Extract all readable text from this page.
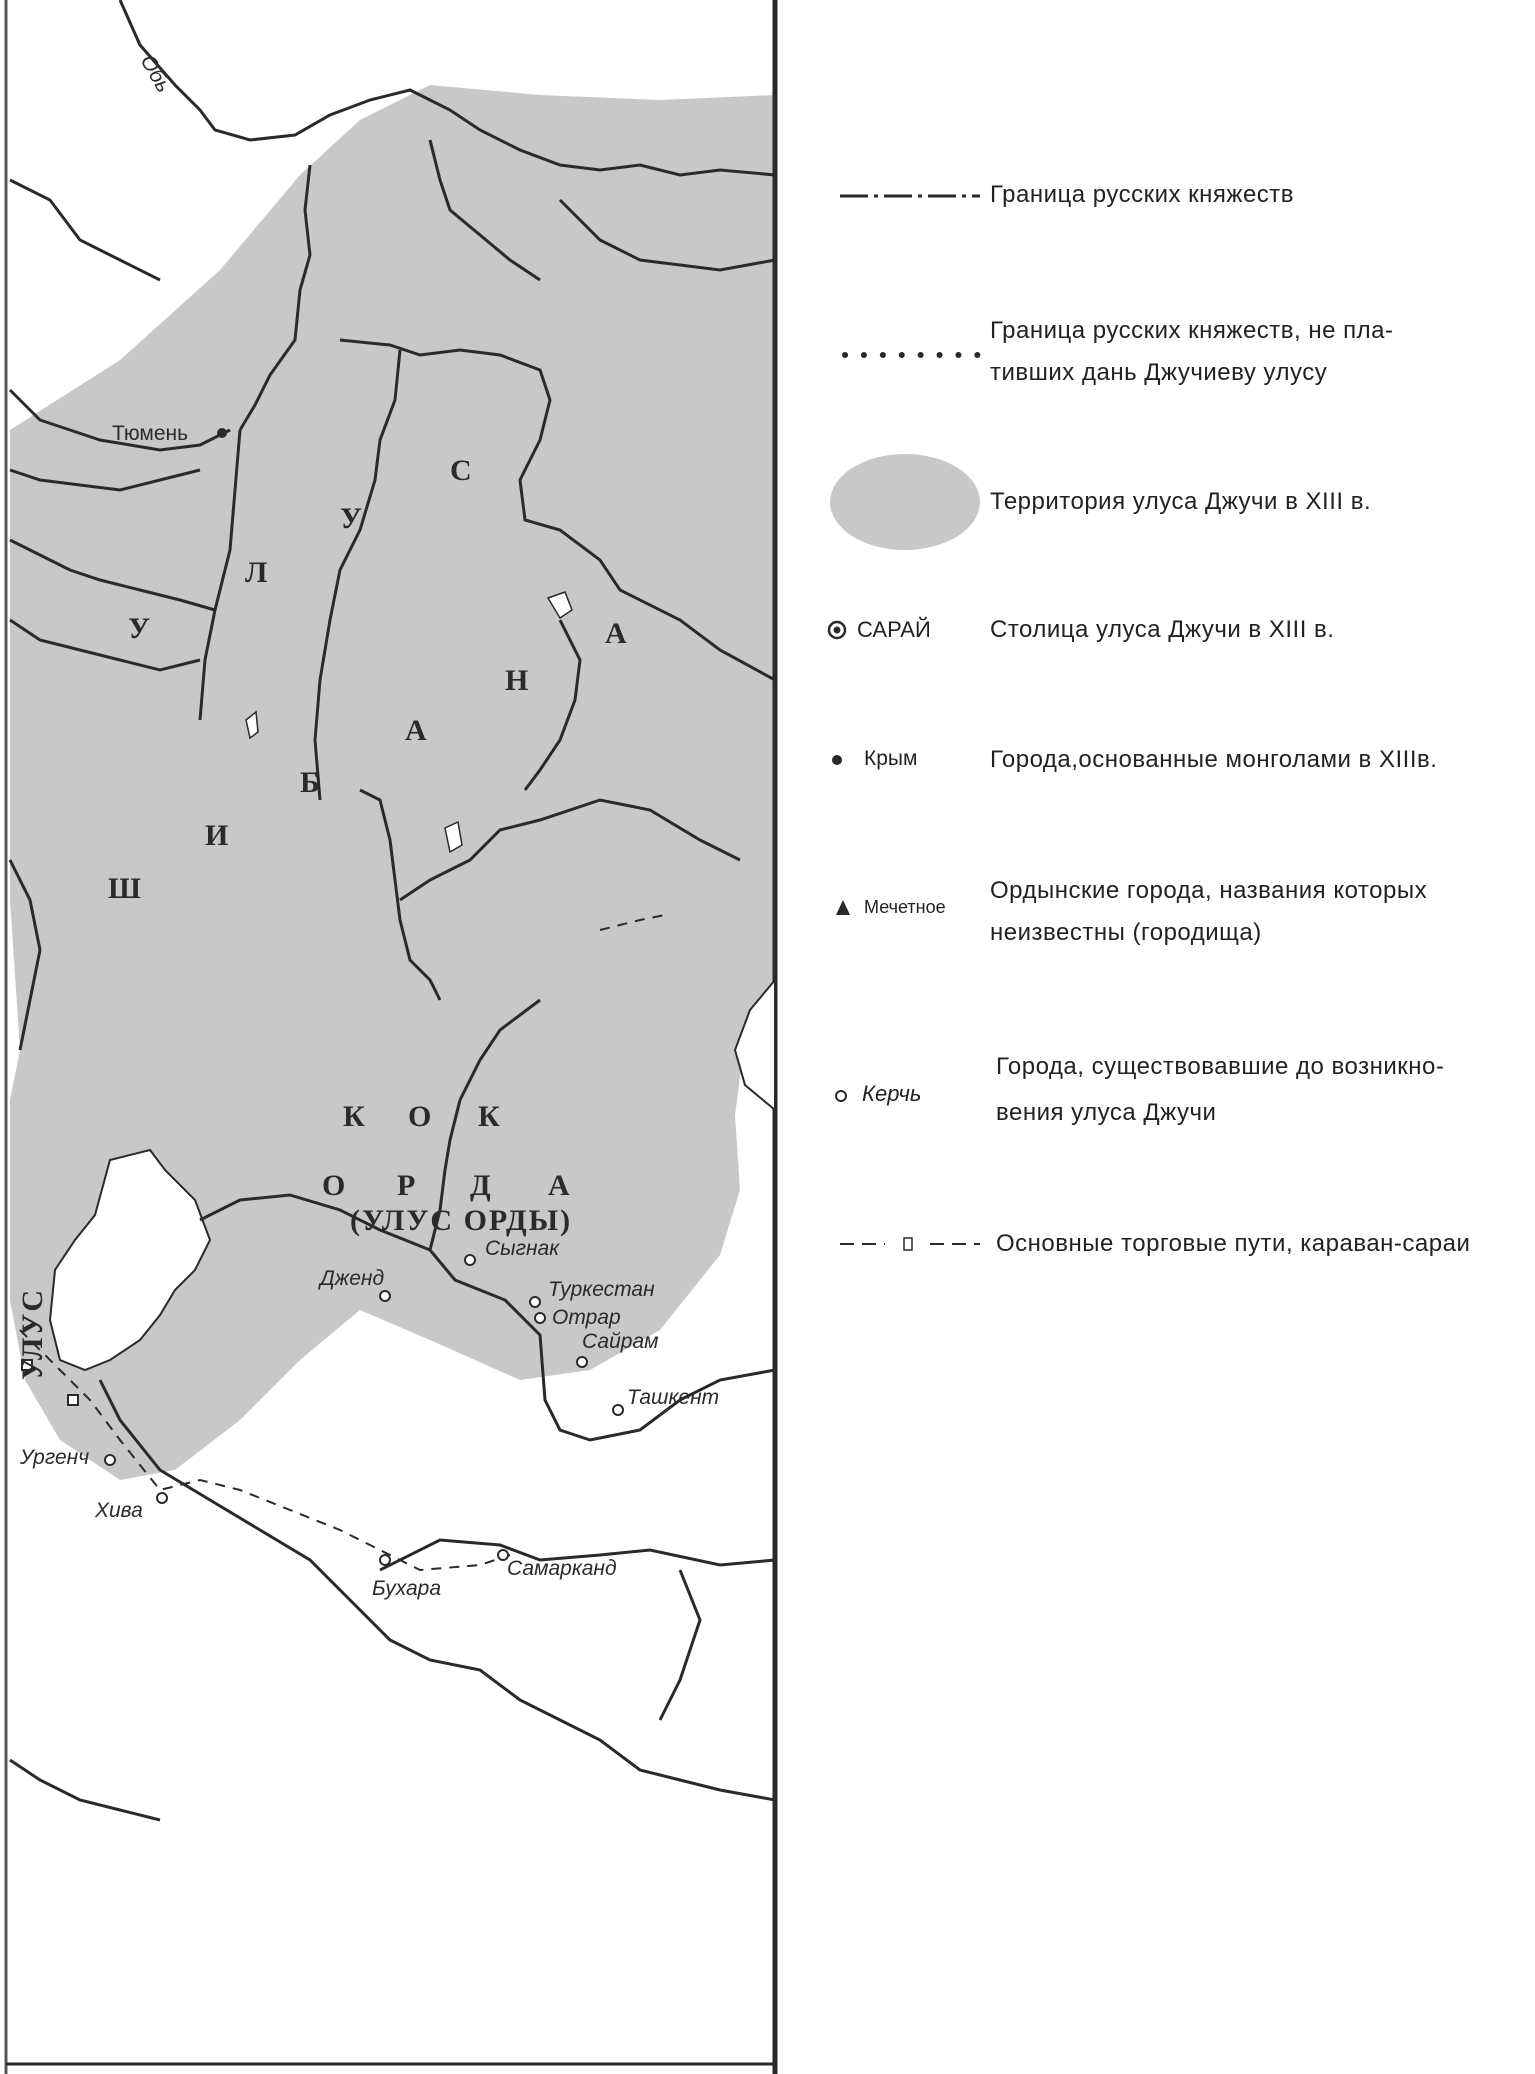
Обь
Тюмень
Сыгнак
Дженд	Туркестан
Отрар
Сайрам
Ташкент
Ургенч
Хива
Бухара
Самарканд
У
Л
У
С
Ш
И
Б
А
Н
А
К О К
О Р Д А
(УЛУС ОРДЫ)
УЛУС
Граница русских княжеств
Граница русских княжеств, не пла-
тивших дань Джучиеву улусу
Территория улуса Джучи в XIII в.
САРАЙ Столица улуса Джучи в XIII в.
Крым	Города,основанные монголами в XIIIв.
Мечетное
Ордынские города, названия которых
неизвестны (городища)
Керчь
Города, существовавшие до возникно-
вения улуса Джучи
Основные торговые пути, караван-сараи
